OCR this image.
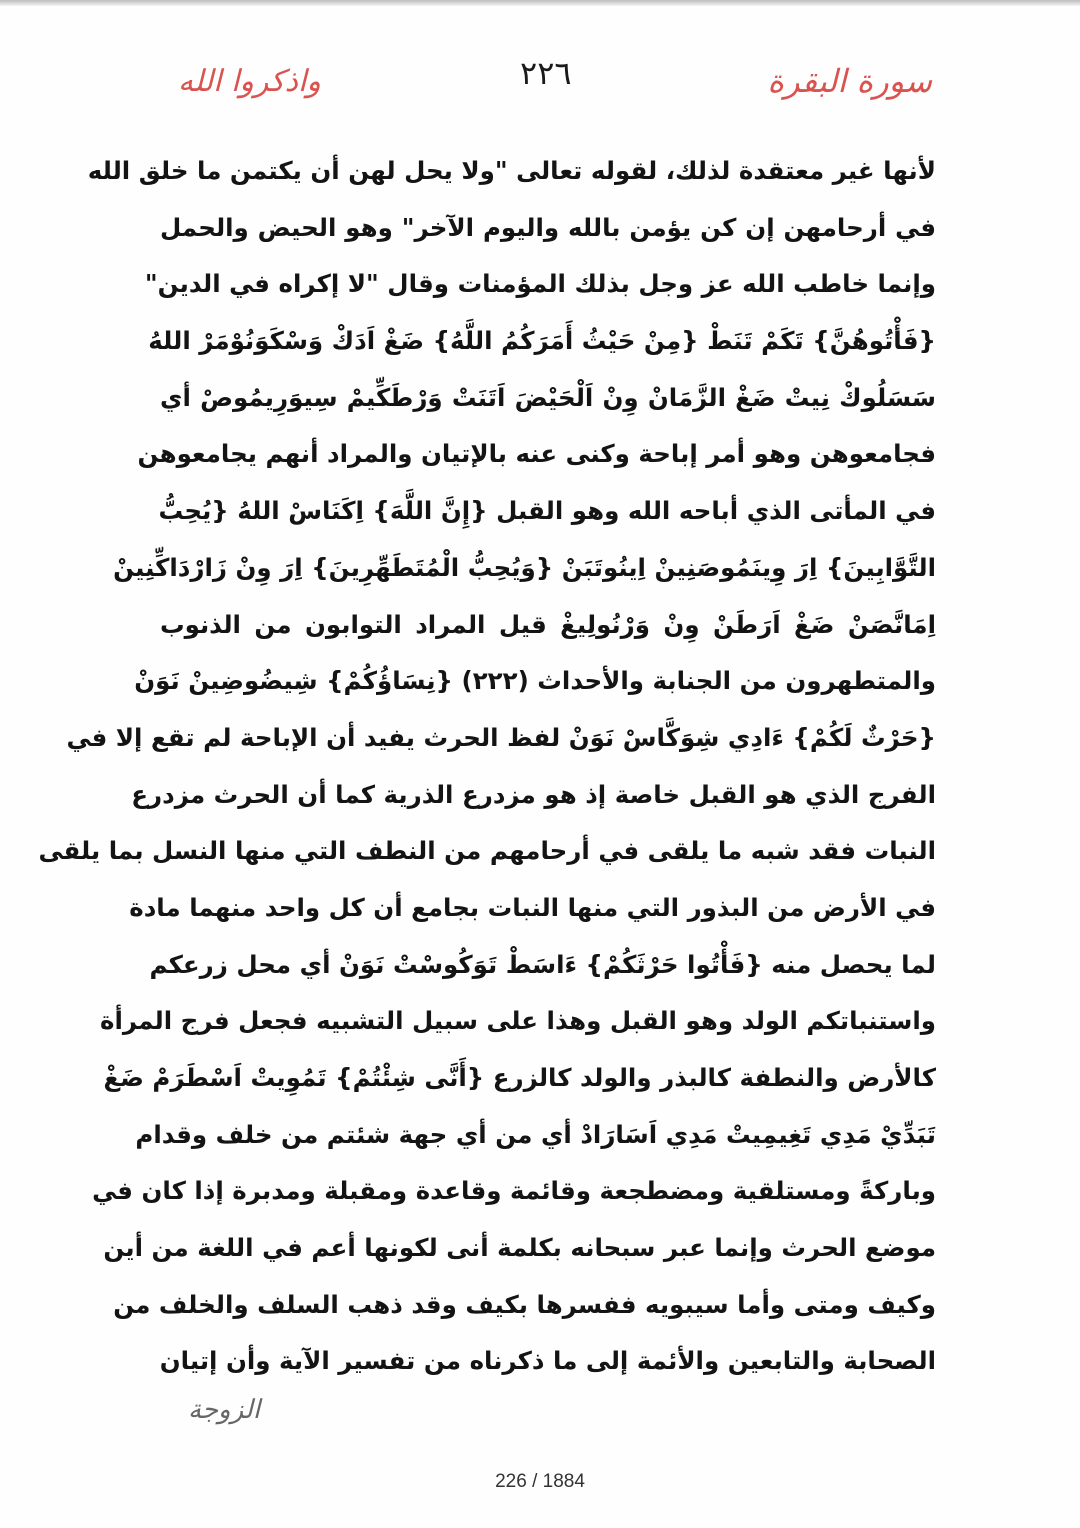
واذكروا الله	٢٢٦	سورة البقرة
لأنها غير معتقدة لذلك، لقوله تعالى "ولا يحل لهن أن يكتمن ما خلق الله
في أرحامهن إن كن يؤمن بالله واليوم الآخر" وهو الحيض والحمل
وإنما خاطب الله عز وجل بذلك المؤمنات وقال "لا إكراه في الدين"
{فَأْتُوهُنَّ} تَكَمْ تَنَطْ {مِنْ حَيْثُ أَمَرَكُمُ اللَّهُ} ضَغْ اَدَكْ وَسْكَوَنُوْمَرْ اللهُ
سَسَلُوكْ نِيتْ ضَغْ الزَّمَانْ وِنْ اَلْحَيْضَ اَتَنَتْ وَرْطَكِّيمْ سِيوَرِيمُوصْ أي
فجامعوهن وهو أمر إباحة وكنى عنه بالإتيان والمراد أنهم يجامعوهن
في المأتى الذي أباحه الله وهو القبل {إِنَّ اللَّهَ} اِكَنَاسْ اللهُ {يُحِبُّ
التَّوَّابِينَ} اِرَ وِينَمُوصَنِينْ اِينُوتَبَنْ {وَيُحِبُّ الْمُتَطَهِّرِينَ} اِرَ وِنْ زَارْدَاكِّنِينْ
اِمَانَّصَنْ ضَغْ اَرَطَنْ وِنْ وَرْنُولِيغْ قيل المراد التوابون من الذنوب
والمتطهرون من الجنابة والأحداث (٢٢٢) {نِسَاؤُكُمْ} شِيضُوضِينْ نَوَنْ
{حَرْثٌ لَكُمْ} ءَادِي شِوَكَّاسْ نَوَنْ لفظ الحرث يفيد أن الإباحة لم تقع إلا في
الفرج الذي هو القبل خاصة إذ هو مزدرع الذرية كما أن الحرث مزدرع
النبات فقد شبه ما يلقى في أرحامهم من النطف التي منها النسل بما يلقى
في الأرض من البذور التي منها النبات بجامع أن كل واحد منهما مادة
لما يحصل منه {فَأْتُوا حَرْثَكُمْ} ءَاسَطْ تَوَكُوسْتْ نَوَنْ أي محل زرعكم
واستنباتكم الولد وهو القبل وهذا على سبيل التشبيه فجعل فرج المرأة
كالأرض والنطفة كالبذر والولد كالزرع {أَنَّى شِئْتُمْ} تَمُوِيتْ اَسْطَرَمْ ضَغْ
تَبَدِّيْ مَدِي تَغِيمِيتْ مَدِي اَسَارَادْ أي من أي جهة شئتم من خلف وقدام
وباركةً ومستلقية ومضطجعة وقائمة وقاعدة ومقبلة ومدبرة إذا كان في
موضع الحرث وإنما عبر سبحانه بكلمة أنى لكونها أعم في اللغة من أين
وكيف ومتى وأما سيبويه ففسرها بكيف وقد ذهب السلف والخلف من
الصحابة والتابعين والأئمة إلى ما ذكرناه من تفسير الآية وأن إتيان
الزوجة
226 / 1884
